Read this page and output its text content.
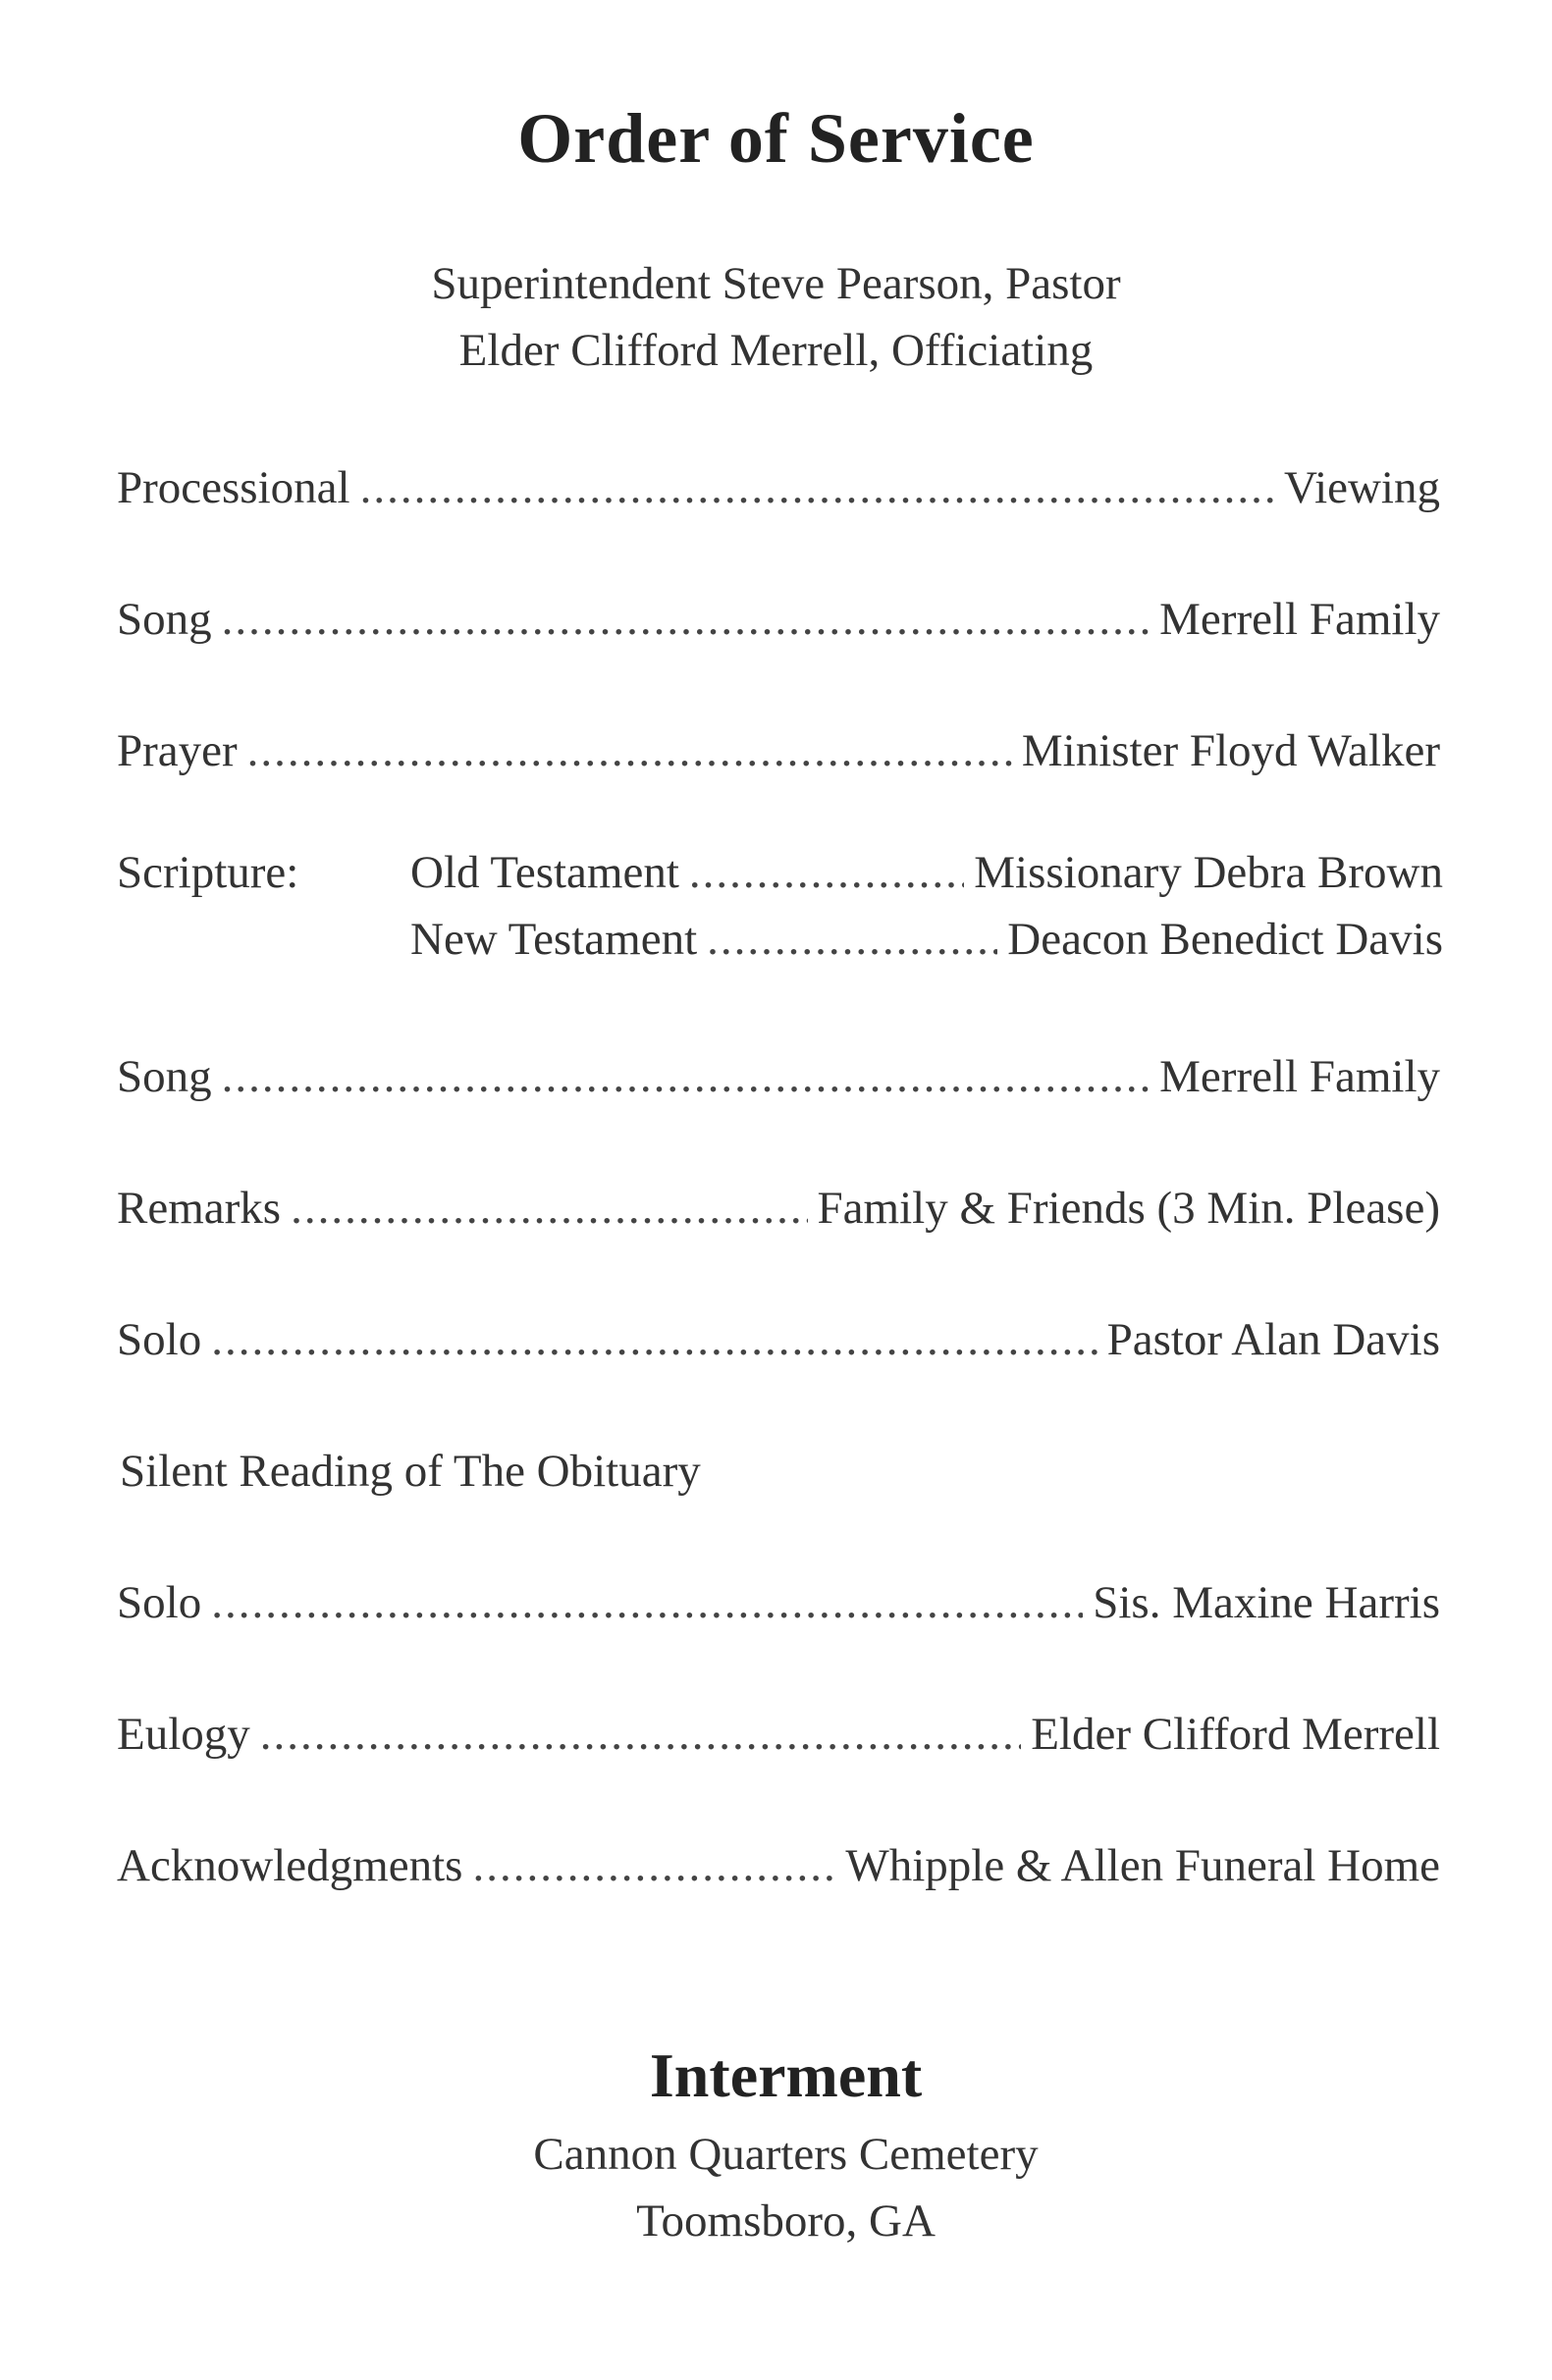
Order of Service
Superintendent Steve Pearson, Pastor
Elder Clifford Merrell, Officiating
Processional .....	Viewing
Song .....	Merrell Family
Prayer .....	Minister Floyd Walker
Scripture: Old Testament .....	Missionary Debra Brown
New Testament .....	Deacon Benedict Davis
Song .....	Merrell Family
Remarks .....	Family & Friends (3 Min. Please)
Solo .....	Pastor Alan Davis
Silent Reading of The Obituary
Solo .....	Sis. Maxine Harris
Eulogy .....	Elder Clifford Merrell
Acknowledgments .....	Whipple & Allen Funeral Home
Interment
Cannon Quarters Cemetery
Toomsboro, GA
